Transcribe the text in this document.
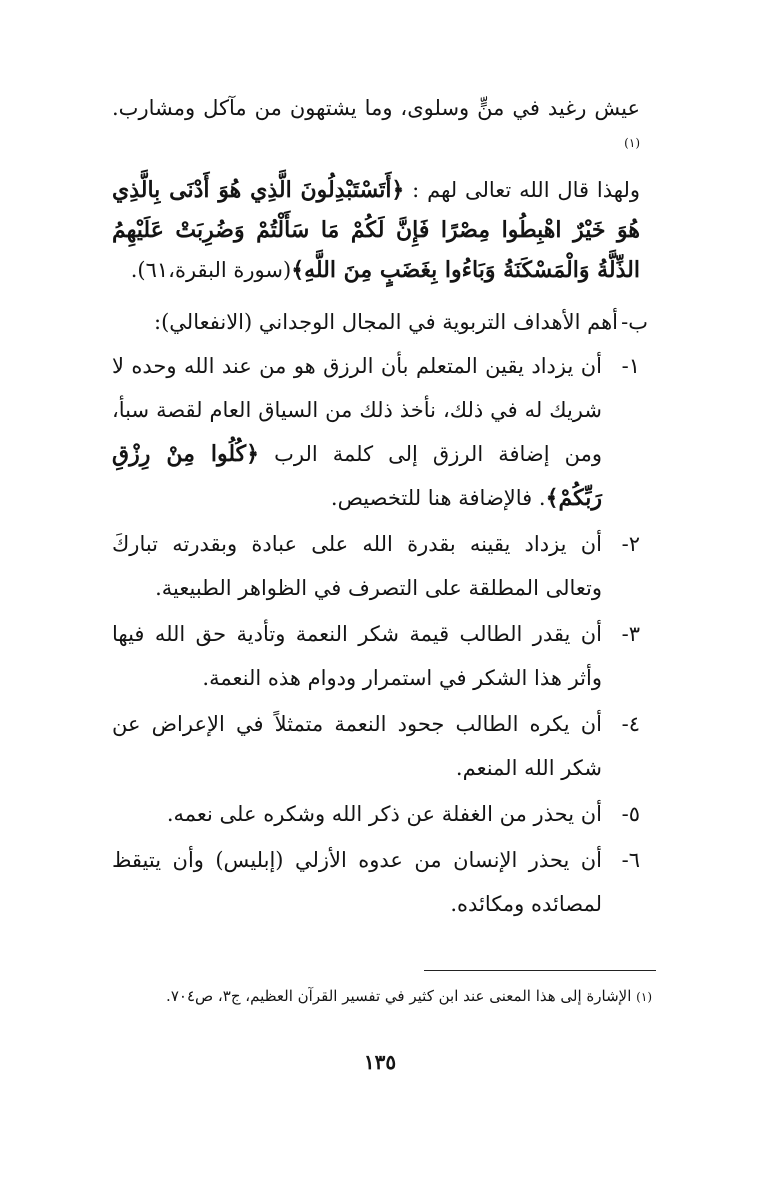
عيش رغيد في منٍّ وسلوى، وما يشتهون من مآكل ومشارب.$^{(١)}$

ولهذا قال الله تعالى لهم : ﴿أَتَسْتَبْدِلُونَ الَّذِي هُوَ أَدْنَى بِالَّذِي هُوَ خَيْرٌ اهْبِطُوا مِصْرًا فَإِنَّ لَكُمْ مَا سَأَلْتُمْ وَضُرِبَتْ عَلَيْهِمُ الذِّلَّةُ وَالْمَسْكَنَةُ وَبَاءُوا بِغَضَبٍ مِنَ اللَّهِ﴾(سورة البقرة،٦١).

ب-
أهم الأهداف التربوية في المجال الوجداني (الانفعالي):
١-
أن يزداد يقين المتعلم بأن الرزق هو من عند الله وحده لا شريك له في ذلك، نأخذ ذلك من السياق العام لقصة سبأ، ومن إضافة الرزق إلى كلمة الرب ﴿كُلُوا مِنْ رِزْقِ رَبِّكُمْ﴾. فالإضافة هنا للتخصيص.
٢-
أن يزداد يقينه بقدرة الله على عبادة وبقدرته تباركَ وتعالى المطلقة على التصرف في الظواهر الطبيعية.
٣-
أن يقدر الطالب قيمة شكر النعمة وتأدية حق الله فيها وأثر هذا الشكر في استمرار ودوام هذه النعمة.
٤-
أن يكره الطالب جحود النعمة متمثلاً في الإعراض عن شكر الله المنعم.
٥-
أن يحذر من الغفلة عن ذكر الله وشكره على نعمه.
٦-
أن يحذر الإنسان من عدوه الأزلي (إبليس) وأن يتيقظ لمصائده ومكائده.
(١) الإشارة إلى هذا المعنى عند ابن كثير في تفسير القرآن العظيم، ج٣، ص٧٠٤.
١٣٥
